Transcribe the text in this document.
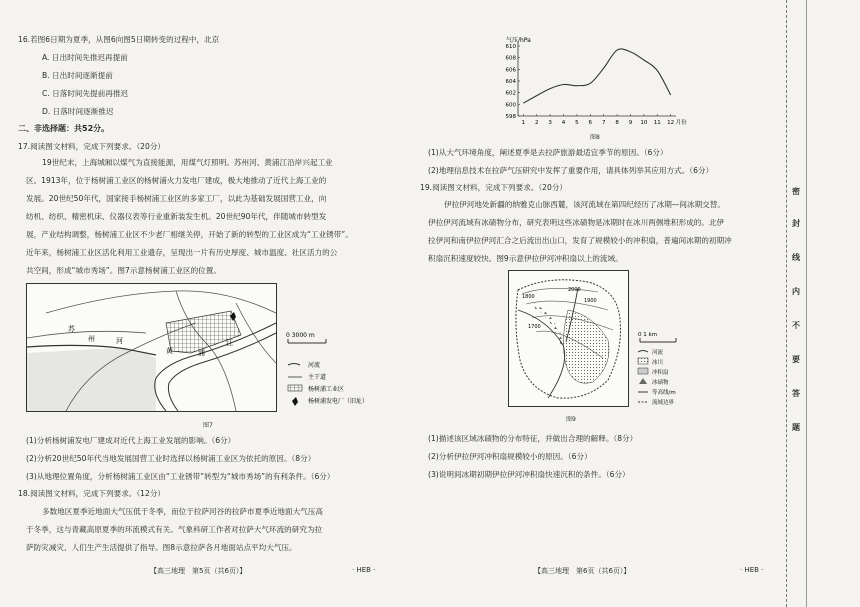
16.若图6日期为夏季，从图6向图5日期转变的过程中，北京
A. 日出时间先推迟再提前
B. 日出时间逐渐提前
C. 日落时间先提前再推迟
D. 日落时间逐渐推迟
二、非选择题：共52分。
17.阅读图文材料，完成下列要求。（20分）
19世纪末，上海城厢以煤气为直接能源，用煤气灯照明。苏州河、黄浦江沿岸兴起工业
区。1913年，位于杨树浦工业区的杨树浦火力发电厂建成，极大地推动了近代上海工业的
发展。20世纪50年代，国家接手杨树浦工业区的多家工厂，以此为基础发展国营工业，向
纺机、纺织、精密机床、仪器仪表等行业重新装发生机。20世纪90年代，伴随城市转型发
展，产业结构调整，杨树浦工业区不少老厂相继关停，开始了新的转型的工业区成为“工业锈带”。
近年来，杨树浦工业区活化利用工业遗存，呈现出一片有历史厚度、城市温度、社区活力的公
共空间，形成“城市秀场”。图7示意杨树浦工业区的位置。
苏
州	河
黄	浦
江
0 3000 m
河流
主干道
杨树浦工业区
杨树浦发电厂（旧址）
图7
(1)分析杨树浦发电厂建成对近代上海工业发展的影响。（6分）
(2)分析20世纪50年代当地发展国营工业时选择以杨树浦工业区为依托的原因。（8分）
(3)从地理位置角度，分析杨树浦工业区由“工业锈带”转型为“城市秀场”的有利条件。（6分）
18.阅读图文材料，完成下列要求。（12分）
多数地区夏季近地面大气压低于冬季，而位于拉萨河谷的拉萨市夏季近地面大气压高
于冬季，这与青藏高原夏季的环流模式有关。气象科研工作者对拉萨大气环流的研究为拉
萨防灾减灾、人们生产生活提供了指导。图8示意拉萨各月地面站点平均大气压。
【高三地理　第5页（共6页）】	· HEB ·
气压/hPa
598
600
602
604
606
608
610
1 2 3 4 5 6 7 8 9 10 11 12 月份
图8
(1)从大气环境角度，阐述夏季是去拉萨旅游最适宜季节的原因。（6分）
(2)地理信息技术在拉萨气压研究中发挥了重要作用，请具体列举其应用方式。（6分）
19.阅读图文材料，完成下列要求。（20分）
伊拉伊河地处新疆的纳雅克山脉西麓，该河流域在第四纪经历了冰期—间冰期交替。
伊拉伊河流域有冰碛物分布，研究表明这些冰碛物是冰期时在冰川两侧堆积形成的。北伊
拉伊河和南伊拉伊河汇合之后流出出山口，发育了规模较小的冲积扇，普遍间冰期的初期冲
积扇沉积速度较快。图9示意伊拉伊河冲积扇以上的流域。
2000
1900
1800
1700
0 1 km
河流
冰川
冲积扇
冰碛物
等高线/m
流域边界
图9
(1)描述该区域冰碛物的分布特征，并做出合理的解释。（8分）
(2)分析伊拉伊河冲积扇规模较小的原因。（6分）
(3)说明间冰期初期伊拉伊河冲积扇快速沉积的条件。（6分）
【高三地理　第6页（共6页）】	· HEB ·
密
封
线
内
不
要
答
题
